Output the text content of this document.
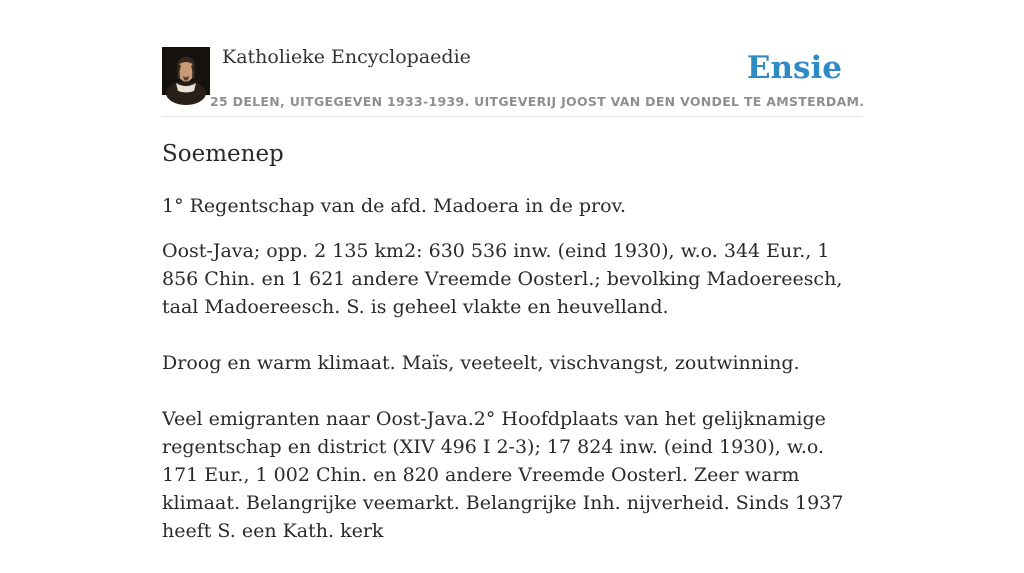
Katholieke Encyclopaedie
25 DELEN, UITGEGEVEN 1933-1939. UITGEVERIJ JOOST VAN DEN VONDEL TE AMSTERDAM.
Ensie
Soemenep

1° Regentschap van de afd. Madoera in de prov.

Oost-Java; opp. 2 135 km2: 630 536 inw. (eind 1930), w.o. 344 Eur., 1 856 Chin. en 1 621 andere Vreemde Oosterl.; bevolking Madoereesch, taal Madoereesch. S. is geheel vlakte en heuvelland.

Droog en warm klimaat. Maïs, veeteelt, vischvangst, zoutwinning.

Veel emigranten naar Oost-Java.2° Hoofdplaats van het gelijknamige regentschap en district (XIV 496 I 2-3); 17 824 inw. (eind 1930), w.o. 171 Eur., 1 002 Chin. en 820 andere Vreemde Oosterl. Zeer warm klimaat. Belangrijke veemarkt. Belangrijke Inh. nijverheid. Sinds 1937 heeft S. een Kath. kerk
